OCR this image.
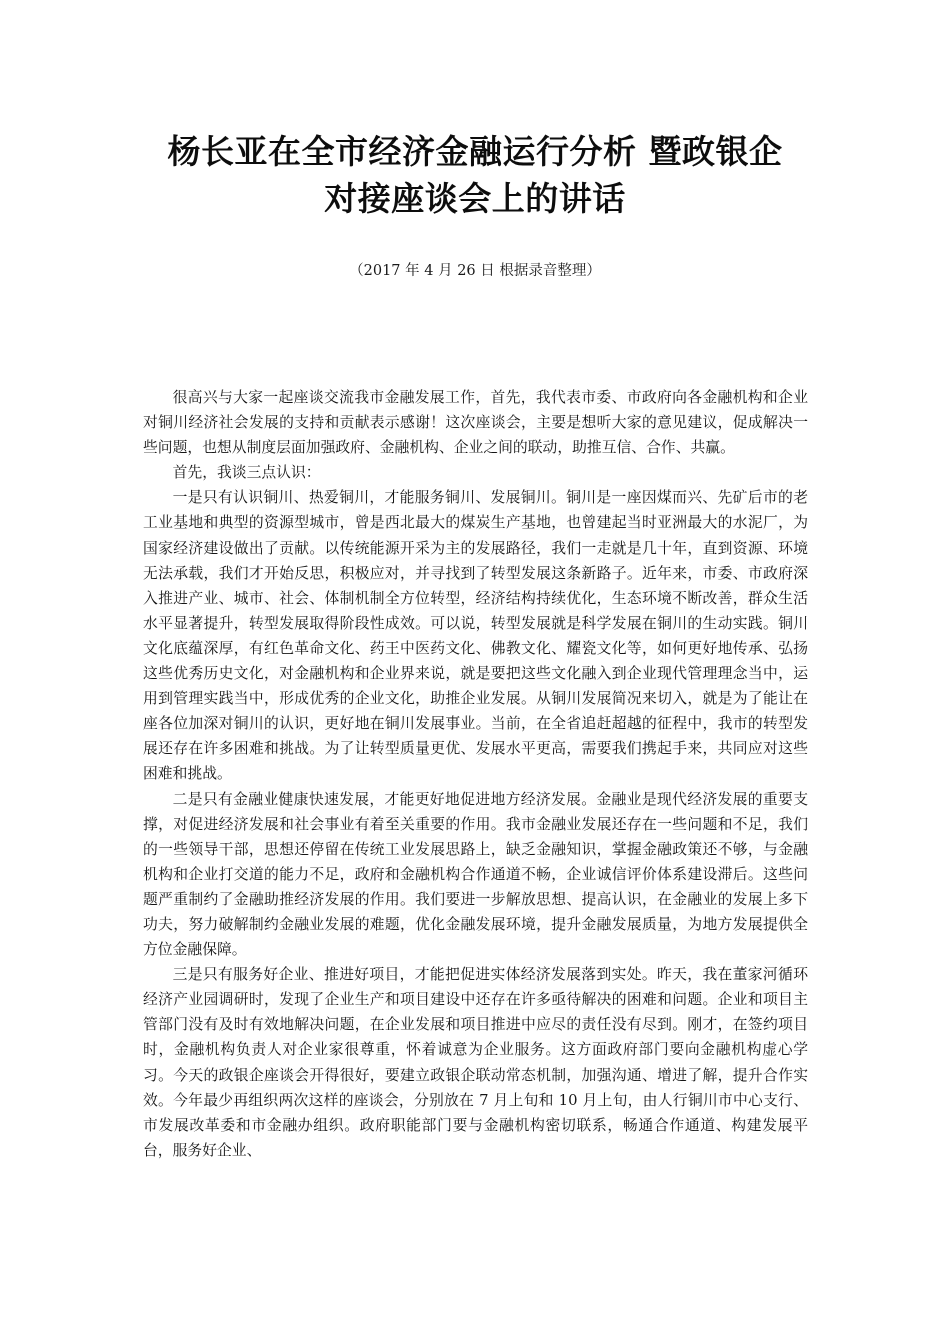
杨长亚在全市经济金融运行分析 暨政银企
对接座谈会上的讲话
（2017 年 4 月 26 日 根据录音整理）

很高兴与大家一起座谈交流我市金融发展工作，首先，我代表市委、市政府向各金融机构和企业对铜川经济社会发展的支持和贡献表示感谢！这次座谈会，主要是想听大家的意见建议，促成解决一些问题，也想从制度层面加强政府、金融机构、企业之间的联动，助推互信、合作、共赢。

首先，我谈三点认识：

一是只有认识铜川、热爱铜川，才能服务铜川、发展铜川。铜川是一座因煤而兴、先矿后市的老工业基地和典型的资源型城市，曾是西北最大的煤炭生产基地，也曾建起当时亚洲最大的水泥厂，为国家经济建设做出了贡献。以传统能源开采为主的发展路径，我们一走就是几十年，直到资源、环境无法承载，我们才开始反思，积极应对，并寻找到了转型发展这条新路子。近年来，市委、市政府深入推进产业、城市、社会、体制机制全方位转型，经济结构持续优化，生态环境不断改善，群众生活水平显著提升，转型发展取得阶段性成效。可以说，转型发展就是科学发展在铜川的生动实践。铜川文化底蕴深厚，有红色革命文化、药王中医药文化、佛教文化、耀瓷文化等，如何更好地传承、弘扬这些优秀历史文化，对金融机构和企业界来说，就是要把这些文化融入到企业现代管理理念当中，运用到管理实践当中，形成优秀的企业文化，助推企业发展。从铜川发展简况来切入，就是为了能让在座各位加深对铜川的认识，更好地在铜川发展事业。当前，在全省追赶超越的征程中，我市的转型发展还存在许多困难和挑战。为了让转型质量更优、发展水平更高，需要我们携起手来，共同应对这些困难和挑战。

二是只有金融业健康快速发展，才能更好地促进地方经济发展。金融业是现代经济发展的重要支撑，对促进经济发展和社会事业有着至关重要的作用。我市金融业发展还存在一些问题和不足，我们的一些领导干部，思想还停留在传统工业发展思路上，缺乏金融知识，掌握金融政策还不够，与金融机构和企业打交道的能力不足，政府和金融机构合作通道不畅，企业诚信评价体系建设滞后。这些问题严重制约了金融助推经济发展的作用。我们要进一步解放思想、提高认识，在金融业的发展上多下功夫，努力破解制约金融业发展的难题，优化金融发展环境，提升金融发展质量，为地方发展提供全方位金融保障。

三是只有服务好企业、推进好项目，才能把促进实体经济发展落到实处。昨天，我在董家河循环经济产业园调研时，发现了企业生产和项目建设中还存在许多亟待解决的困难和问题。企业和项目主管部门没有及时有效地解决问题，在企业发展和项目推进中应尽的责任没有尽到。刚才，在签约项目时，金融机构负责人对企业家很尊重，怀着诚意为企业服务。这方面政府部门要向金融机构虚心学习。今天的政银企座谈会开得很好，要建立政银企联动常态机制，加强沟通、增进了解，提升合作实效。今年最少再组织两次这样的座谈会，分别放在 7 月上旬和 10 月上旬，由人行铜川市中心支行、市发展改革委和市金融办组织。政府职能部门要与金融机构密切联系，畅通合作通道、构建发展平台，服务好企业、
